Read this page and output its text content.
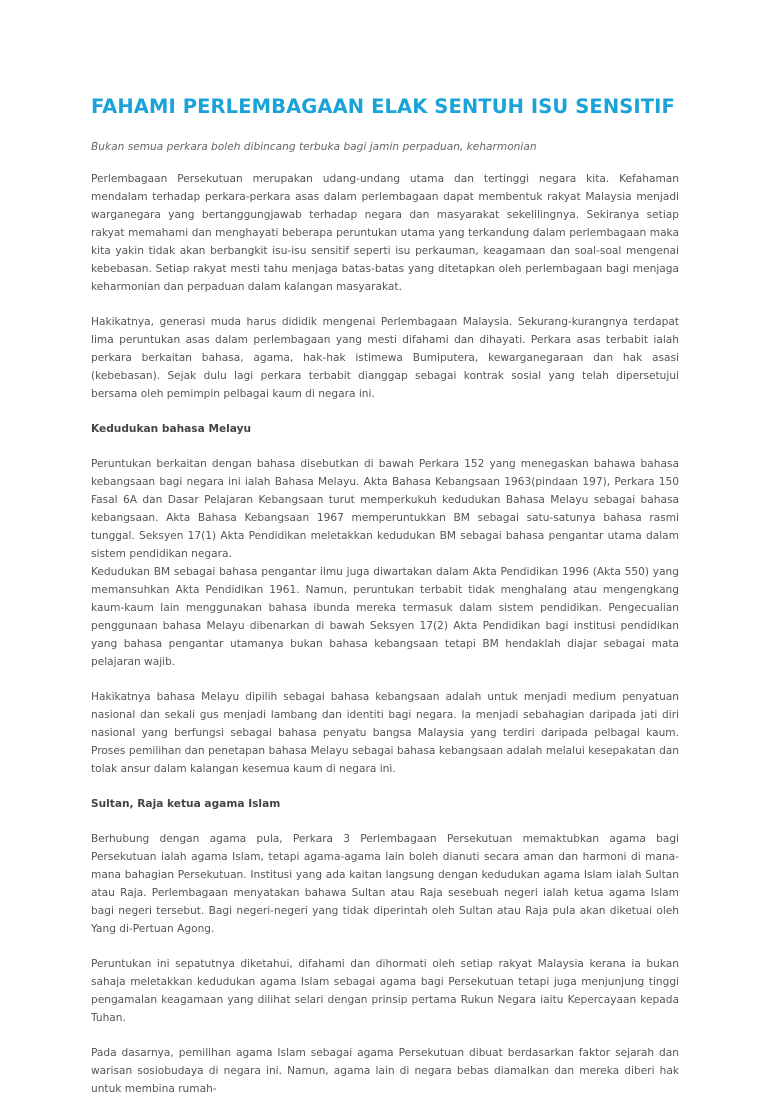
FAHAMI PERLEMBAGAAN ELAK SENTUH ISU SENSITIF

Bukan semua perkara boleh dibincang terbuka bagi jamin perpaduan, keharmonian

Perlembagaan Persekutuan merupakan udang-undang utama dan tertinggi negara kita. Kefahaman mendalam terhadap perkara-perkara asas dalam perlembagaan dapat membentuk rakyat Malaysia menjadi warganegara yang bertanggungjawab terhadap negara dan masyarakat sekelilingnya. Sekiranya setiap rakyat memahami dan menghayati beberapa peruntukan utama yang terkandung dalam perlembagaan maka kita yakin tidak akan berbangkit isu-isu sensitif seperti isu perkauman, keagamaan dan soal-soal mengenai kebebasan. Setiap rakyat mesti tahu menjaga batas-batas yang ditetapkan oleh perlembagaan bagi menjaga keharmonian dan perpaduan dalam kalangan masyarakat.

Hakikatnya, generasi muda harus dididik mengenai Perlembagaan Malaysia. Sekurang-kurangnya terdapat lima peruntukan asas dalam perlembagaan yang mesti difahami dan dihayati. Perkara asas terbabit ialah perkara berkaitan bahasa, agama, hak-hak istimewa Bumiputera, kewarganegaraan dan hak asasi (kebebasan). Sejak dulu lagi perkara terbabit dianggap sebagai kontrak sosial yang telah dipersetujui bersama oleh pemimpin pelbagai kaum di negara ini.

Kedudukan bahasa Melayu

Peruntukan berkaitan dengan bahasa disebutkan di bawah Perkara 152 yang menegaskan bahawa bahasa kebangsaan bagi negara ini ialah Bahasa Melayu. Akta Bahasa Kebangsaan 1963(pindaan 197), Perkara 150 Fasal 6A dan Dasar Pelajaran Kebangsaan turut memperkukuh kedudukan Bahasa Melayu sebagai bahasa kebangsaan. Akta Bahasa Kebangsaan 1967 memperuntukkan BM sebagai satu-satunya bahasa rasmi tunggal. Seksyen 17(1) Akta Pendidikan meletakkan kedudukan BM sebagai bahasa pengantar utama dalam sistem pendidikan negara.

Kedudukan BM sebagai bahasa pengantar ilmu juga diwartakan dalam Akta Pendidikan 1996 (Akta 550) yang memansuhkan Akta Pendidikan 1961. Namun, peruntukan terbabit tidak menghalang atau mengengkang kaum-kaum lain menggunakan bahasa ibunda mereka termasuk dalam sistem pendidikan. Pengecualian penggunaan bahasa Melayu dibenarkan di bawah Seksyen 17(2) Akta Pendidikan bagi institusi pendidikan yang bahasa pengantar utamanya bukan bahasa kebangsaan tetapi BM hendaklah diajar sebagai mata pelajaran wajib.

Hakikatnya bahasa Melayu dipilih sebagai bahasa kebangsaan adalah untuk menjadi medium penyatuan nasional dan sekali gus menjadi lambang dan identiti bagi negara. Ia menjadi sebahagian daripada jati diri nasional yang berfungsi sebagai bahasa penyatu bangsa Malaysia yang terdiri daripada pelbagai kaum. Proses pemilihan dan penetapan bahasa Melayu sebagai bahasa kebangsaan adalah melalui kesepakatan dan tolak ansur dalam kalangan kesemua kaum di negara ini.

Sultan, Raja ketua agama Islam

Berhubung dengan agama pula, Perkara 3 Perlembagaan Persekutuan memaktubkan agama bagi Persekutuan ialah agama Islam, tetapi agama-agama lain boleh dianuti secara aman dan harmoni di mana-mana bahagian Persekutuan. Institusi yang ada kaitan langsung dengan kedudukan agama Islam ialah Sultan atau Raja. Perlembagaan menyatakan bahawa Sultan atau Raja sesebuah negeri ialah ketua agama Islam bagi negeri tersebut. Bagi negeri-negeri yang tidak diperintah oleh Sultan atau Raja pula akan diketuai oleh Yang di-Pertuan Agong.

Peruntukan ini sepatutnya diketahui, difahami dan dihormati oleh setiap rakyat Malaysia kerana ia bukan sahaja meletakkan kedudukan agama Islam sebagai agama bagi Persekutuan tetapi juga menjunjung tinggi pengamalan keagamaan yang dilihat selari dengan prinsip pertama Rukun Negara iaitu Kepercayaan kepada Tuhan.

Pada dasarnya, pemilihan agama Islam sebagai agama Persekutuan dibuat berdasarkan faktor sejarah dan warisan sosiobudaya di negara ini. Namun, agama lain di negara bebas diamalkan dan mereka diberi hak untuk membina rumah-
